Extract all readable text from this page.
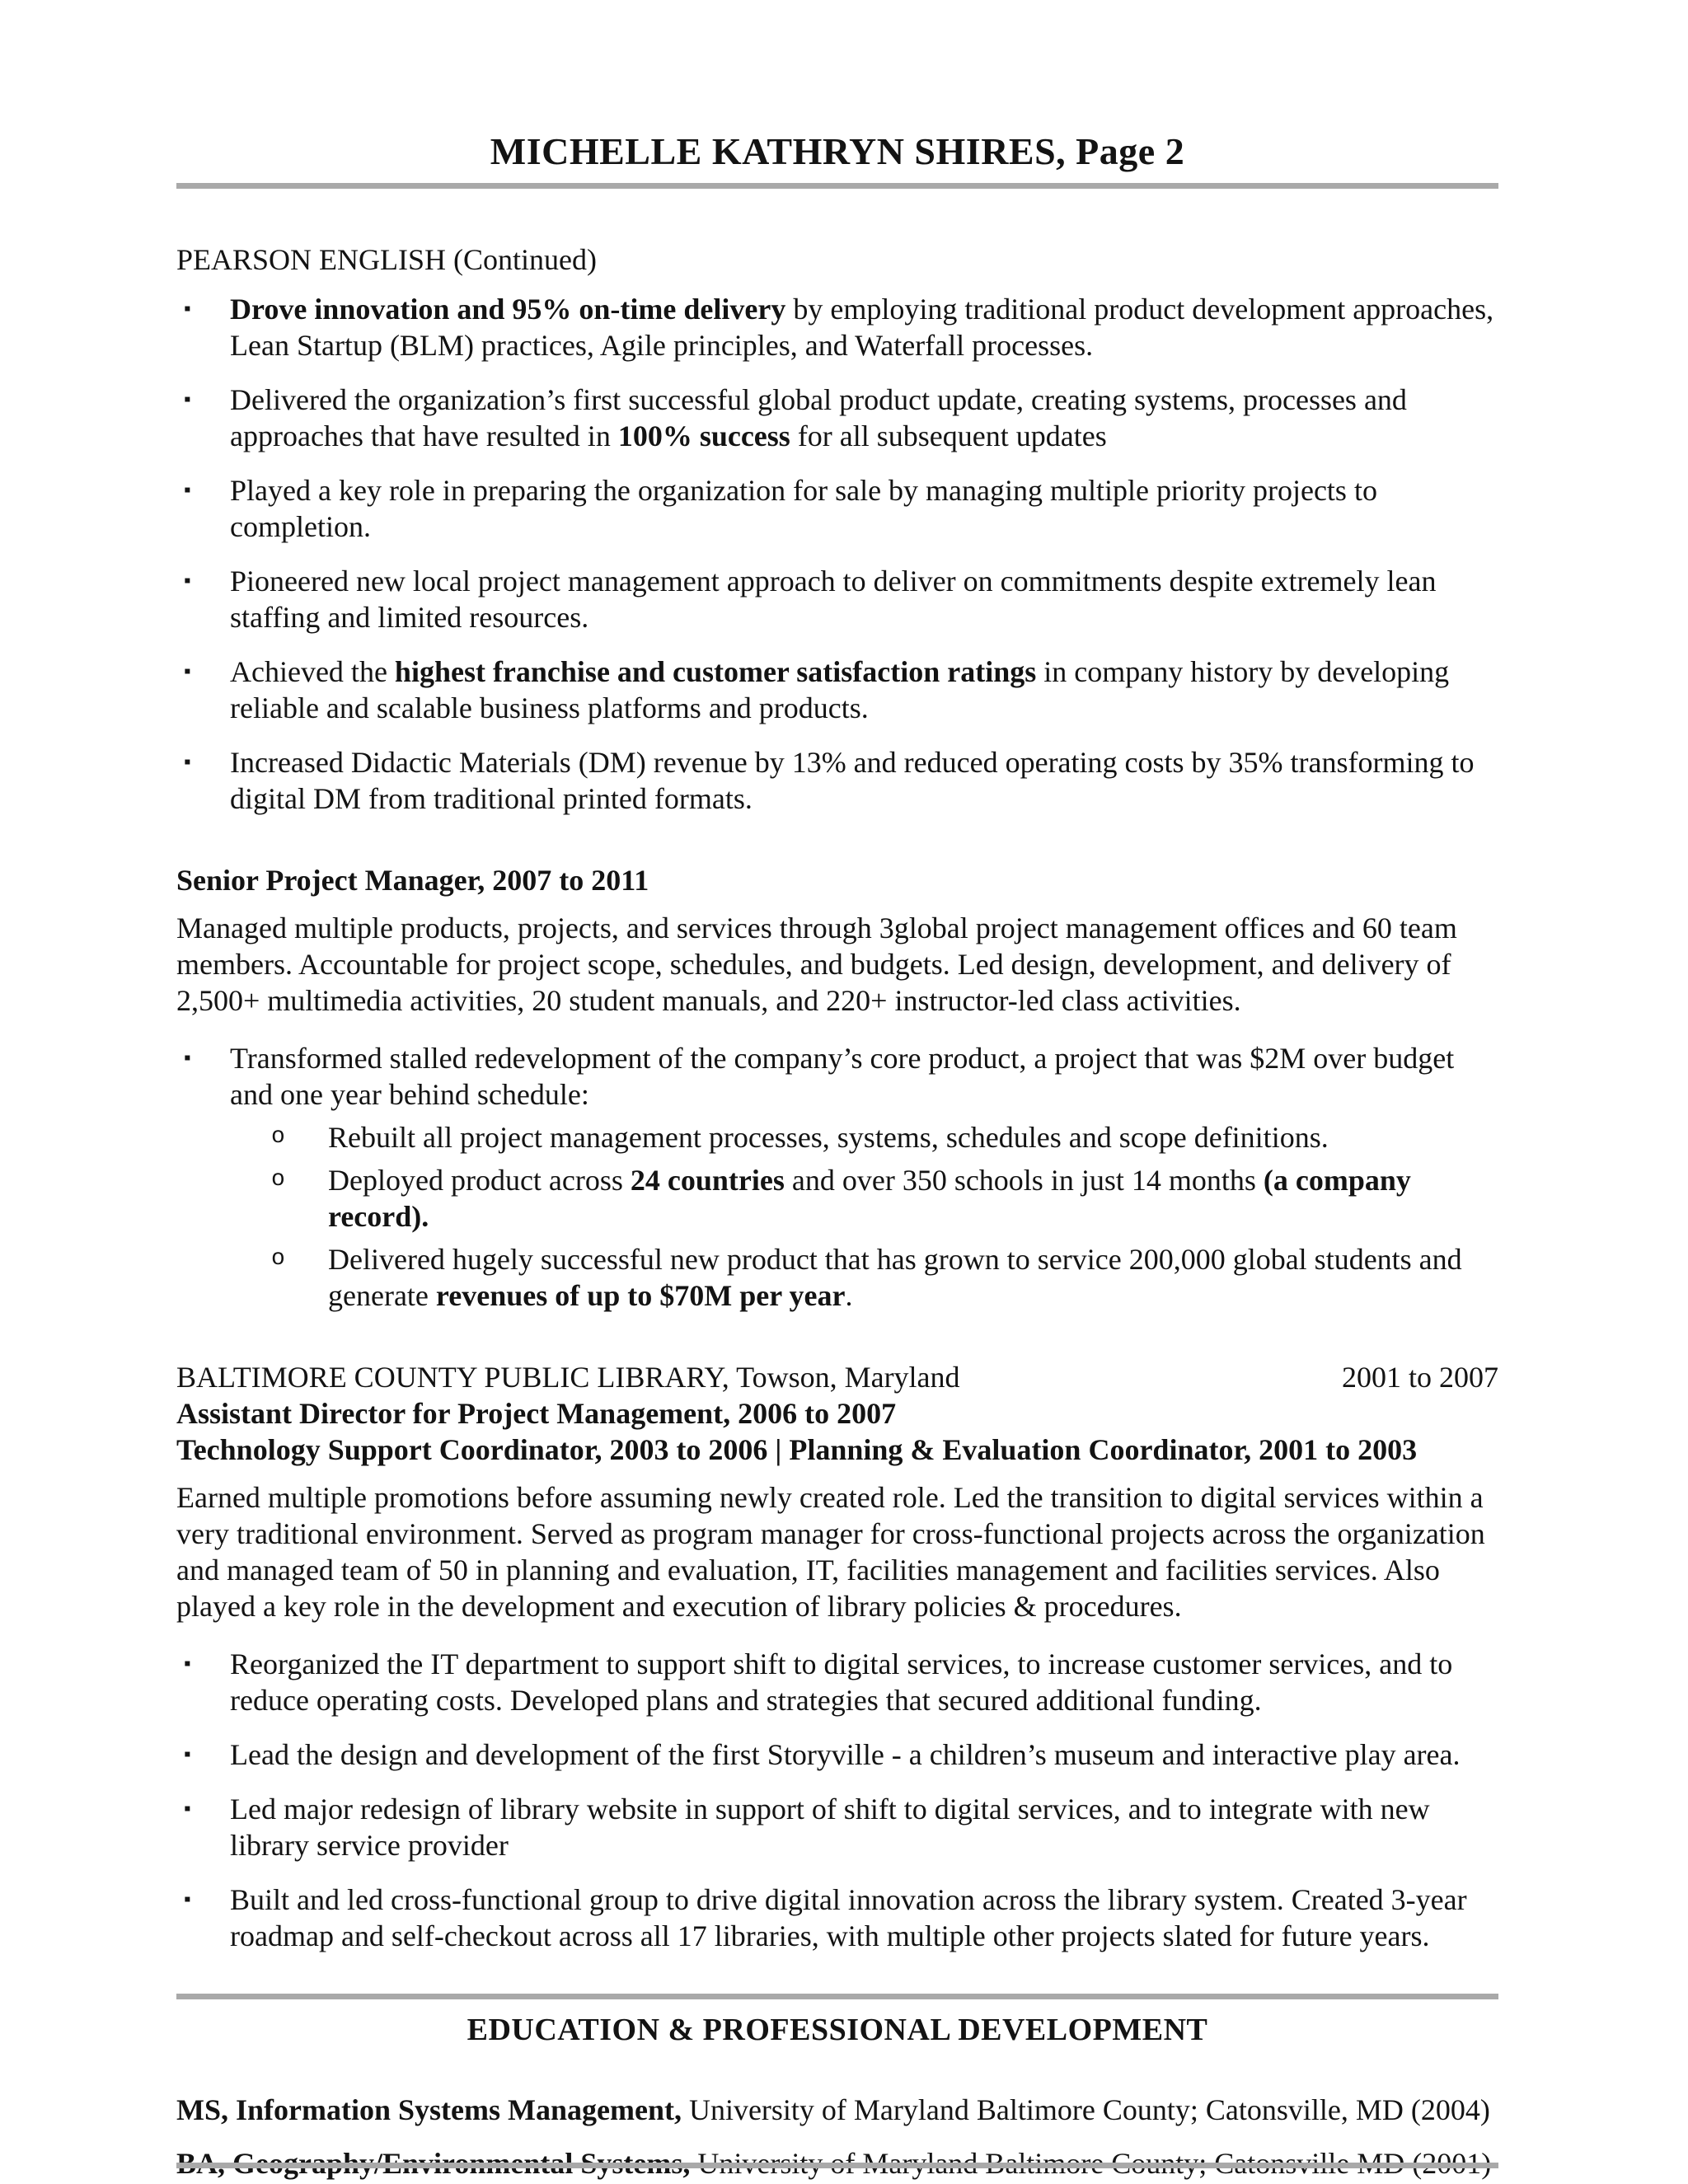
MICHELLE KATHRYN SHIRES, Page 2
PEARSON ENGLISH (Continued)
▪	Drove innovation and 95% on-time delivery by employing traditional product development approaches, Lean Startup (BLM) practices, Agile principles, and Waterfall processes.
▪	Delivered the organization’s first successful global product update, creating systems, processes and approaches that have resulted in 100% success for all subsequent updates
▪	Played a key role in preparing the organization for sale by managing multiple priority projects to completion.
▪	Pioneered new local project management approach to deliver on commitments despite extremely lean staffing and limited resources.
▪	Achieved the highest franchise and customer satisfaction ratings in company history by developing reliable and scalable business platforms and products.
▪	Increased Didactic Materials (DM) revenue by 13% and reduced operating costs by 35% transforming to digital DM from traditional printed formats.
Senior Project Manager, 2007 to 2011

Managed multiple products, projects, and services through 3global project management offices and 60 team members. Accountable for project scope, schedules, and budgets. Led design, development, and delivery of 2,500+ multimedia activities, 20 student manuals, and 220+ instructor-led class activities.

▪	Transformed stalled redevelopment of the company’s core product, a project that was $2M over budget and one year behind schedule:
o	Rebuilt all project management processes, systems, schedules and scope definitions.
o	Deployed product across 24 countries and over 350 schools in just 14 months (a company record).
o	Delivered hugely successful new product that has grown to service 200,000 global students and generate revenues of up to $70M per year.
BALTIMORE COUNTY PUBLIC LIBRARY, Towson, Maryland	2001 to 2007
Assistant Director for Project Management, 2006 to 2007
Technology Support Coordinator, 2003 to 2006 | Planning & Evaluation Coordinator, 2001 to 2003

Earned multiple promotions before assuming newly created role. Led the transition to digital services within a very traditional environment. Served as program manager for cross-functional projects across the organization and managed team of 50 in planning and evaluation, IT, facilities management and facilities services. Also played a key role in the development and execution of library policies & procedures.

▪	Reorganized the IT department to support shift to digital services, to increase customer services, and to reduce operating costs. Developed plans and strategies that secured additional funding.
▪	Lead the design and development of the first Storyville - a children’s museum and interactive play area.
▪	Led major redesign of library website in support of shift to digital services, and to integrate with new library service provider
▪	Built and led cross-functional group to drive digital innovation across the library system. Created 3-year roadmap and self-checkout across all 17 libraries, with multiple other projects slated for future years.
EDUCATION & PROFESSIONAL DEVELOPMENT
MS, Information Systems Management, University of Maryland Baltimore County; Catonsville, MD (2004)
